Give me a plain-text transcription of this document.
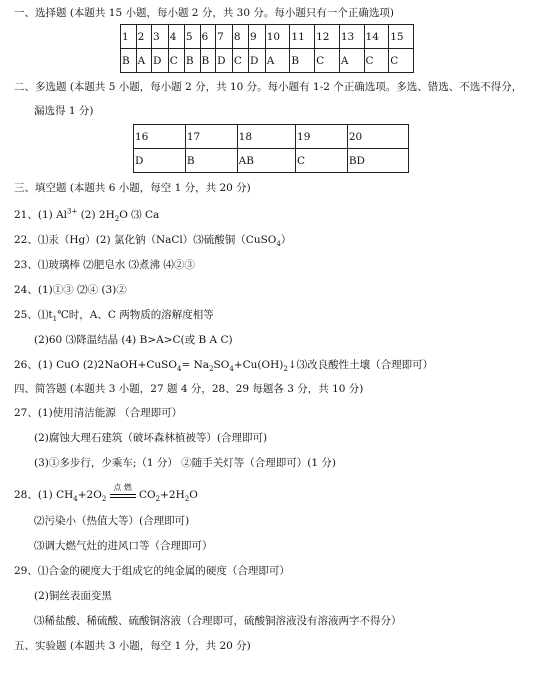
一、选择题 (本题共 15 小题，每小题 2 分，共 30 分。每小题只有一个正确选项)
1	2	3	4	5	6	7	8	9	10	11	12	13	14	15
B	A	D	C	B	B	D	C	D	A	B	C	A	C	C
二、多选题 (本题共 5 小题，每小题 2 分，共 10 分。每小题有 1-2 个正确选项。多选、错选、不选不得分，
漏选得 1 分)
16	17	18	19	20
D	B	AB	C	BD
三、填空题 (本题共 6 小题，每空 1 分，共 20 分)
21、(1) $Al^{3+}$ (2) $2H_2O$ ⑶ Ca
22、⑴汞（Hg）(2) 氯化钠（NaCl）⑶硫酸铜（CuSO$_4$）
23、⑴玻璃棒 ⑵肥皂水 ⑶煮沸 ⑷②③
24、(1)①③ ⑵④ (3)②
25、$⑴t_1℃$时，A、C 两物质的溶解度相等
(2)60 ⑶降温结晶 (4) B>A>C(或 B A C)
26、(1) CuO (2)2NaOH+CuSO$_4$= $Na_2SO_4+Cu(OH)_2↓⑶$改良酸性土壤（合理即可）
四、简答题 (本题共 3 小题，27 题 4 分，28、29 每题各 3 分，共 10 分)
27、(1)使用清洁能源 （合理即可）
(2)腐蚀大理石建筑（破坏森林植被等）(合理即可)
(3)①多步行，少乘车;（1 分） ②随手关灯等（合理即可）(1 分)
28、(1) $CH_4+2O_2$
点 燃
$CO_2+2H_2O$
⑵污染小（热值大等）(合理即可)
⑶调大燃气灶的进风口等（合理即可）
29、⑴合金的硬度大于组成它的纯金属的硬度（合理即可）
(2)铜丝表面变黑
⑶稀盐酸、稀硫酸、硫酸铜溶液（合理即可，硫酸铜溶液没有溶液两字不得分）
五、实验题 (本题共 3 小题，每空 1 分，共 20 分)
